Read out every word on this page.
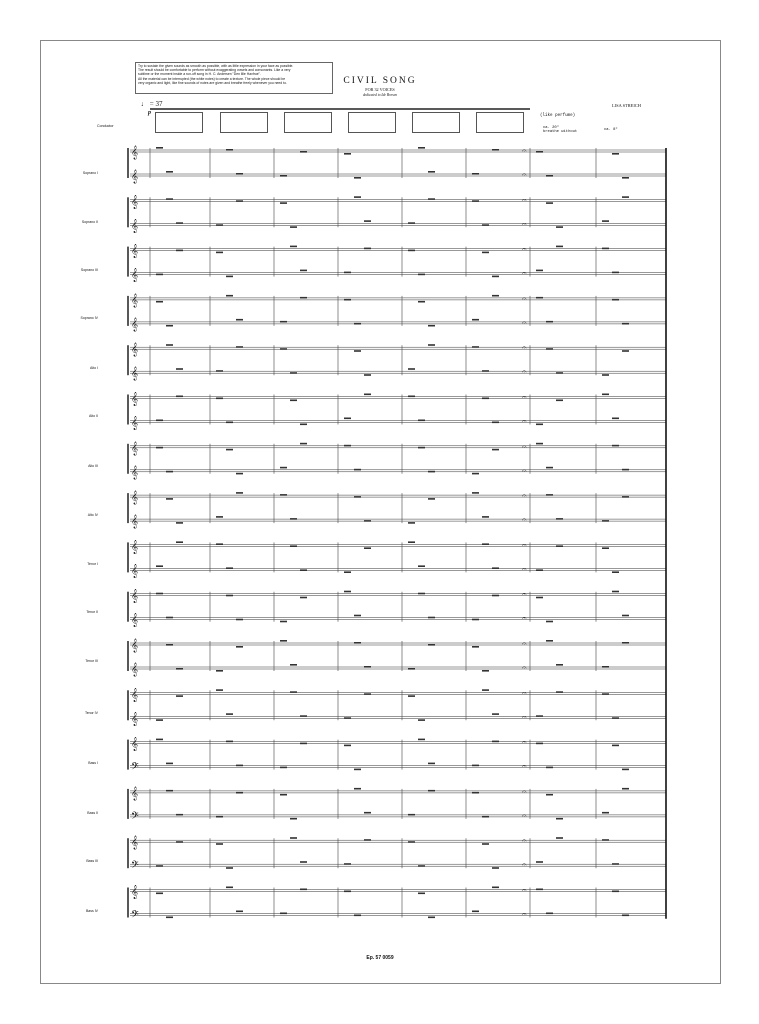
Try to sustain the given sounds as smooth as possible, with as little expression in your face as possible.
The result should be comfortable to perform without exaggerating vowels and consonants. Like a very
sublime or the moment inside a run-off song in H. C. Andersen "Den lille Havfrue".
All the material can be interrupted (the white notes) to create a texture. The whole piece should be
very organic and light, like fine sounds of notes are given and breathe freely whenever you need to.	CIVIL SONG
FOR 32 VOICES
dedicated to Ide Borsen
LISA STREICH
♩ = 37
p
Conductor
(like perfume)
ca. 20"
breathe without
ca. 8"
𝄞	𝄐
𝄞	𝄐
𝄞	𝄐
𝄞	𝄐
𝄞	𝄐
𝄞	𝄐
𝄞	𝄐
𝄞	𝄐
𝄞	𝄐
𝄞	𝄐
𝄞	𝄐
𝄞	𝄐
𝄞	𝄐
𝄞	𝄐
𝄞	𝄐
𝄞	𝄐
𝄞	𝄐
𝄞	𝄐
𝄞	𝄐
𝄞	𝄐
𝄞	𝄐
𝄞	𝄐
𝄞	𝄐
𝄞	𝄐
𝄞	𝄐
𝄢	𝄐
𝄞	𝄐
𝄢	𝄐
𝄞	𝄐
𝄢	𝄐
𝄞	𝄐
𝄢	𝄐
Soprano I
Soprano II
Soprano III
Soprano IV
Alto I
Alto II
Alto III
Alto IV
Tenor I
Tenor II
Tenor III
Tenor IV
Bass I
Bass II
Bass III
Bass IV
Ep. 57 0059
